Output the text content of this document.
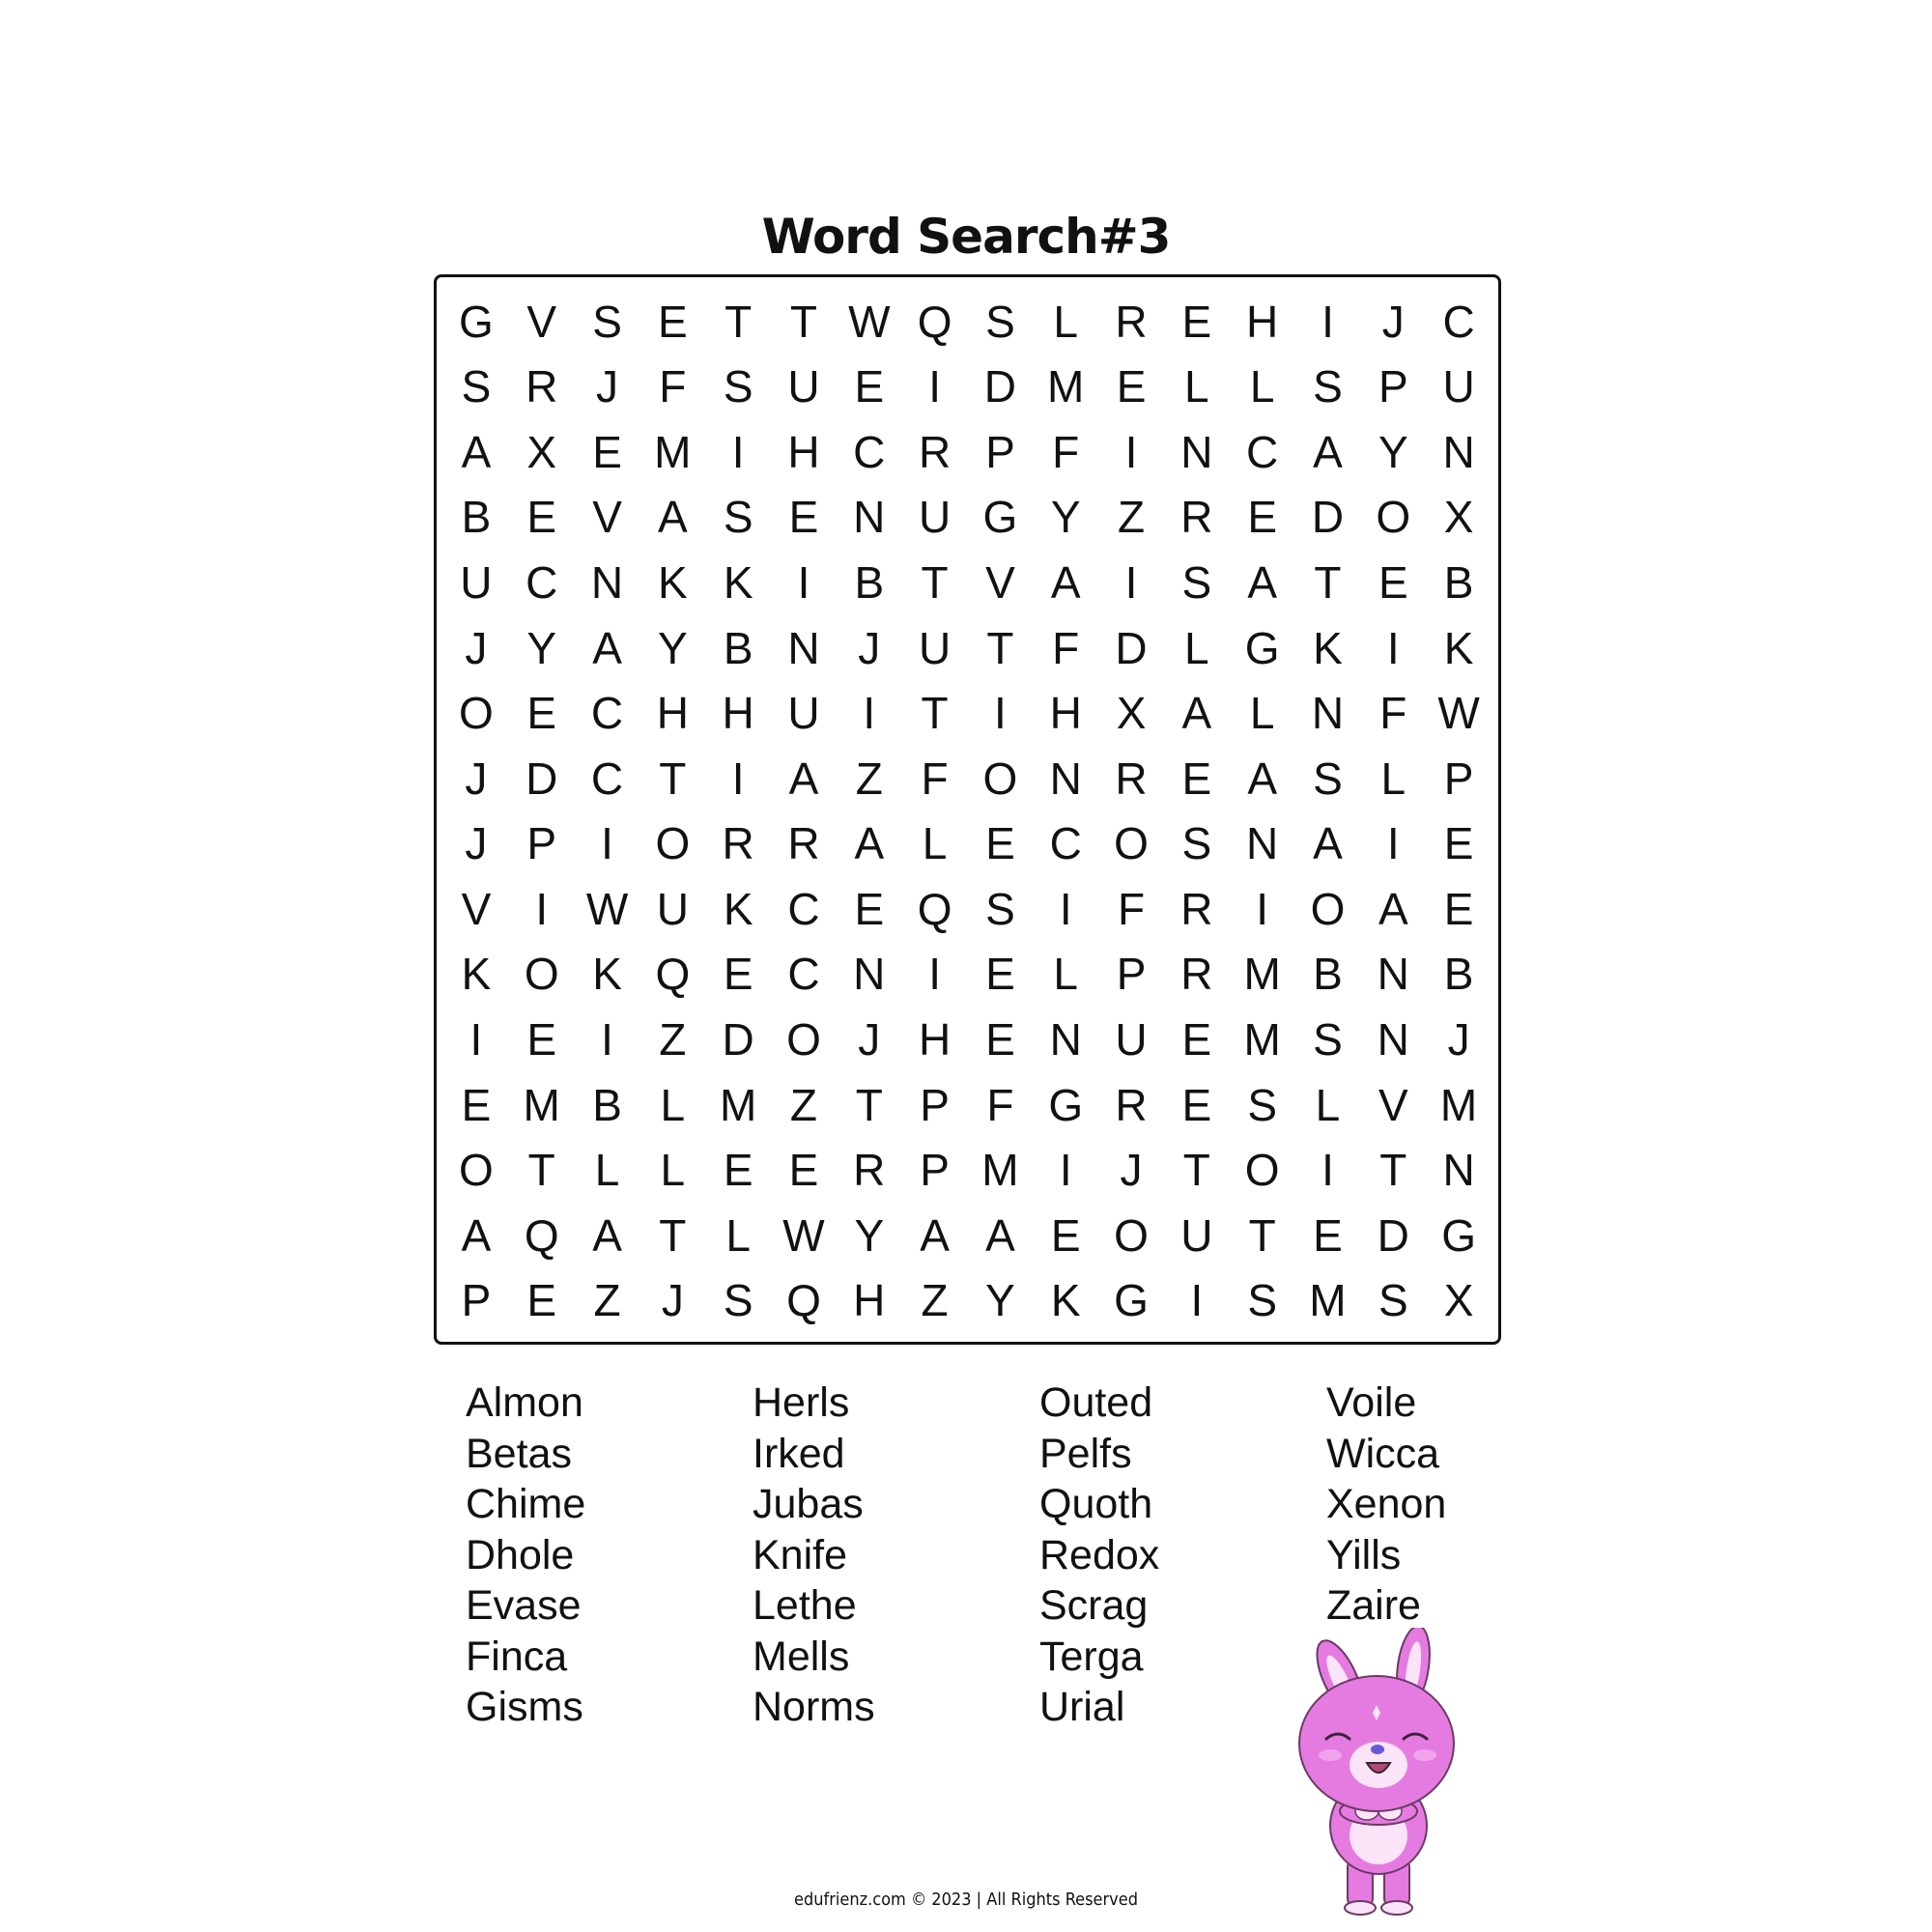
Word Search#3
G V S E T T W Q S L R E H I	J C
S R J F S U E	I D M E L L S P U
A X E M I H C R P F	I N C A Y N
B E V A S E N U G Y Z R E D O X
U C N K K	I	B T V A	I	S A T E B
J Y A Y B N J U T F D L G K	I	K
O E C H H U I	T	I H X A L N F W
J D C T	I	A Z F O N R E A S L P
J P	I O R R A L E C O S N A	I	E
V	I W U K C E Q S	I	F R I O A E
K O K Q E C N I	E L P R M B N B
I	E	I	Z D O J H E N U E M S N J
E M B L M Z T P F G R E S L V M
O T L L E E R P M I	J T O I	T N
A Q A T L W Y A A E O U T E D G
P E Z J S Q H Z Y K G I	S M S X
Almon
Betas
Chime
Dhole
Evase
Finca
Gisms
Herls
Irked
Jubas
Knife
Lethe
Mells
Norms
Outed
Pelfs
Quoth
Redox
Scrag
Terga
Urial
Voile
Wicca
Xenon
Yills
Zaire
edufrienz.com © 2023 | All Rights Reserved
